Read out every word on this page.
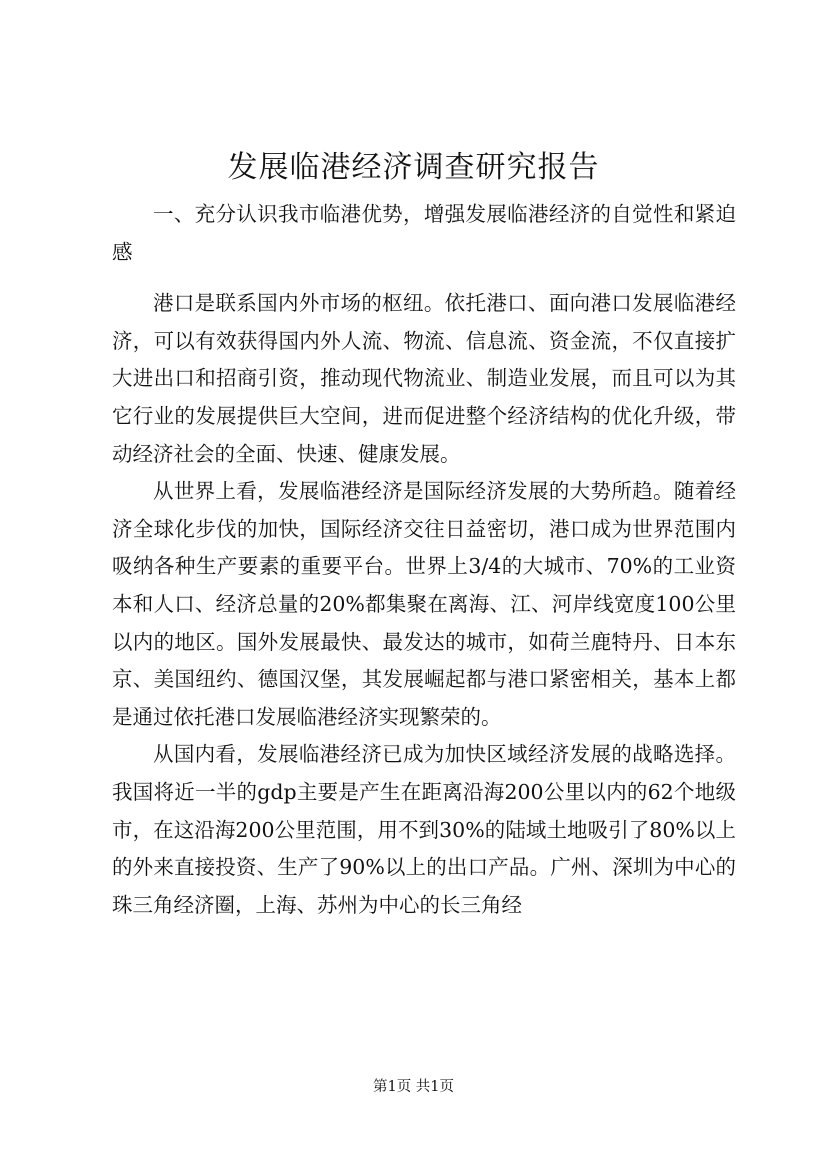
发展临港经济调查研究报告

一、充分认识我市临港优势，增强发展临港经济的自觉性和紧迫感

港口是联系国内外市场的枢纽。依托港口、面向港口发展临港经济，可以有效获得国内外人流、物流、信息流、资金流，不仅直接扩大进出口和招商引资，推动现代物流业、制造业发展，而且可以为其它行业的发展提供巨大空间，进而促进整个经济结构的优化升级，带动经济社会的全面、快速、健康发展。

从世界上看，发展临港经济是国际经济发展的大势所趋。随着经济全球化步伐的加快，国际经济交往日益密切，港口成为世界范围内吸纳各种生产要素的重要平台。世界上3/4的大城市、70%的工业资本和人口、经济总量的20%都集聚在离海、江、河岸线宽度100公里以内的地区。国外发展最快、最发达的城市，如荷兰鹿特丹、日本东京、美国纽约、德国汉堡，其发展崛起都与港口紧密相关，基本上都是通过依托港口发展临港经济实现繁荣的。

从国内看，发展临港经济已成为加快区域经济发展的战略选择。我国将近一半的gdp主要是产生在距离沿海200公里以内的62个地级市，在这沿海200公里范围，用不到30%的陆域土地吸引了80%以上的外来直接投资、生产了90%以上的出口产品。广州、深圳为中心的珠三角经济圈，上海、苏州为中心的长三角经

第1页 共1页
